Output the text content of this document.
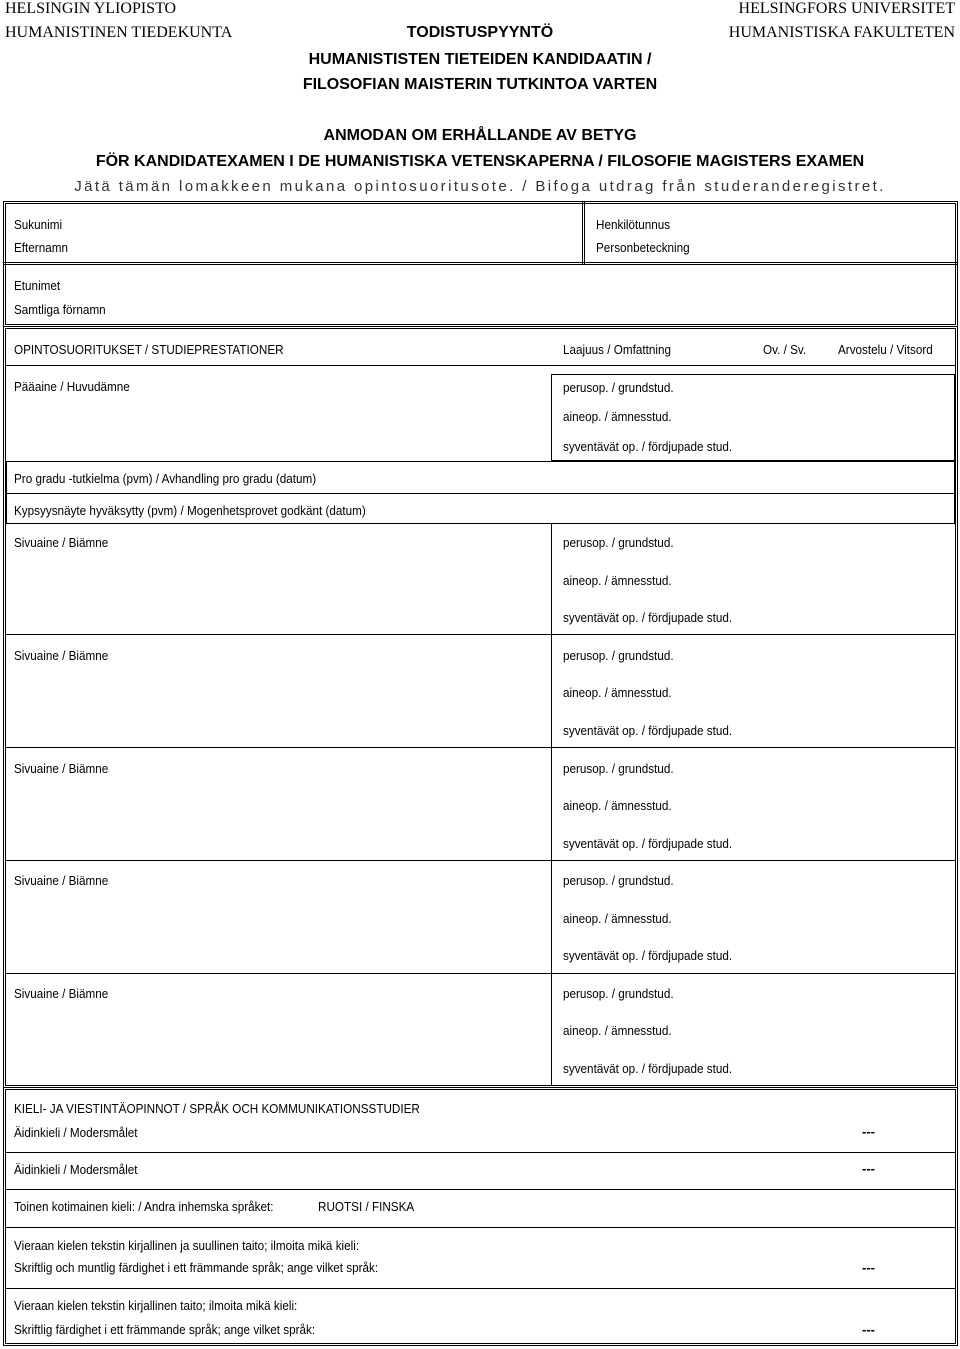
HELSINGIN YLIOPISTO
HUMANISTINEN TIEDEKUNTA
HELSINGFORS UNIVERSITET
HUMANISTISKA FAKULTETEN
TODISTUSPYYNTÖ
HUMANISTISTEN TIETEIDEN KANDIDAATIN /
FILOSOFIAN MAISTERIN TUTKINTOA VARTEN
ANMODAN OM ERHÅLLANDE AV BETYG
FÖR KANDIDATEXAMEN I DE HUMANISTISKA VETENSKAPERNA / FILOSOFIE MAGISTERS EXAMEN
Jätä tämän lomakkeen mukana opintosuoritusote. / Bifoga utdrag från studeranderegistret.
Sukunimi
Efternamn
Henkilötunnus
Personbeteckning
Etunimet
Samtliga förnamn
OPINTOSUORITUKSET / STUDIEPRESTATIONER	Laajuus / Omfattning	Ov. / Sv. Arvostelu / Vitsord
Pääaine / Huvudämne	perusop. / grundstud.
aineop. / ämnesstud.
syventävät op. / fördjupade stud.
Pro gradu -tutkielma (pvm) / Avhandling pro gradu (datum)
Kypsyysnäyte hyväksytty (pvm) / Mogenhetsprovet godkänt (datum)
Sivuaine / Biämne	perusop. / grundstud.
aineop. / ämnesstud.
syventävät op. / fördjupade stud.
Sivuaine / Biämne	perusop. / grundstud.
aineop. / ämnesstud.
syventävät op. / fördjupade stud.
Sivuaine / Biämne	perusop. / grundstud.
aineop. / ämnesstud.
syventävät op. / fördjupade stud.
Sivuaine / Biämne	perusop. / grundstud.
aineop. / ämnesstud.
syventävät op. / fördjupade stud.
Sivuaine / Biämne	perusop. / grundstud.
aineop. / ämnesstud.
syventävät op. / fördjupade stud.
KIELI- JA VIESTINTÄOPINNOT / SPRÅK OCH KOMMUNIKATIONSSTUDIER
Äidinkieli / Modersmålet	---
Äidinkieli / Modersmålet	---
Toinen kotimainen kieli: / Andra inhemska språket:	RUOTSI / FINSKA
Vieraan kielen tekstin kirjallinen ja suullinen taito; ilmoita mikä kieli:
Skriftlig och muntlig färdighet i ett främmande språk; ange vilket språk:	---
Vieraan kielen tekstin kirjallinen taito; ilmoita mikä kieli:
Skriftlig färdighet i ett främmande språk; ange vilket språk:	---
